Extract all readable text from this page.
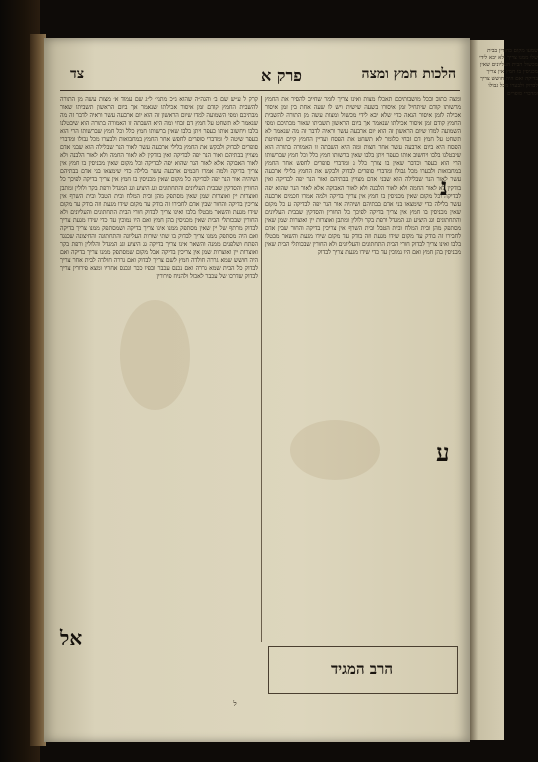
שמעו מקום בחורין בבית שלו ממנו צריך ולא יבא לידי מכשול הבית העליונים שאין מכניסין בו חמץ אין צריך בדיקה ואם היה חושש צריך לבדוק ולבערו מכל גבולו ומדברי סופרים
הלכות חמץ ומצה
פרק א
צד
ומצה כתוב ובכל מושבותיכם תאכלו מצות ואינו צריך לומר שחייב להסיר את החמץ מרשותו קודם שיתחיל זמן איסורו בשעה שישית ויש לו שעה אחת בין זמן איסור אכילה לזמן איסור הנאה כדי שלא יבא לידי מכשול ומצות עשה מן התורה להשבית החמץ קודם זמן איסור אכילתו שנאמר אך ביום הראשון תשביתו שאור מבתיכם ומפי השמועה למדו שיום הראשון זה הוא יום ארבעה עשר וראיה לדבר זה מה שנאמר לא תשחט על חמץ דם זבחי כלומר לא תשחט את הפסח ועדיין החמץ קיים ושחיטת הפסח היא ביום ארבעה עשר אחר חצות ומה היא השבתה זו האמורה בתורה הוא שיבטלנו בלבו ויחשוב אותו כעפר ויתן בלבו שאין ברשותו חמץ כלל וכל חמץ שברשותו הרי הוא כעפר וכדבר שאין בו צורך כלל נ ומדברי סופרים לחפש אחר החמץ במחבואות ולבערו מכל גבולו ומדברי סופרים לבדוק ולבקש את החמץ בלילי ארבעה עשר לאור הנר שבלילה הוא שבני אדם מצויין בבתיהם ואור הנר יפה לבדיקה ואין בודקין לא לאור החמה ולא לאור הלבנה ולא לאור האבוקה אלא לאור הנר שהוא יפה לבדיקה וכל מקום שאין מכניסין בו חמץ אין צריך בדיקה ולמה אמרו חכמים ארבעה עשר בלילה כדי שימצאו בני אדם בבתיהם ושיהיה אור הנר יפה לבדיקה ע כל מקום שאין מכניסין בו חמץ אין צריך בדיקה לפיכך כל החורין והסדקין שבבית העליונים והתחתונים וגג היציע וגג המגדל ורפת בקר ולולין ומתבן ואוצרות יין ואוצרות שמן שאין מסתפק מהן ובית המלח ובית הטבל ובית השרף אין צריכין בדיקה והחור שבין אדם לחבירו זה בודק עד מקום שידו מגעת וזה בודק עד מקום שידו מגעת והשאר מבטלו בלבו ואינו צריך לבדוק חורי הבית התחתונים והעליונים ולא החורין שבכותלי הבית שאין מכניסין בהן חמץ ואם היו נמוכין עד כדי שידו מגעת צריך לבדוק
קרק ל ע״ש שם ב׳ והגה״ה שהוא ג״כ מתני׳ ל״ג שם עמוד א׳ מצות עשה מן התורה להשבית החמץ קודם זמן איסור אכילתו שנאמר אך ביום הראשון תשביתו שאור מבתיכם ומפי השמועה למדו שיום הראשון זה הוא יום ארבעה עשר וראיה לדבר זה מה שנאמר לא תשחט על חמץ דם זבחי ומה היא השבתה זו האמורה בתורה הוא שיבטלנו בלבו ויחשוב אותו כעפר ויתן בלבו שאין ברשותו חמץ כלל וכל חמץ שברשותו הרי הוא כעפר שיטה ל׳ ומדברי סופרים לחפש אחר החמץ במחבואות ולבערו מכל גבולו ומדברי סופרים לבדוק ולבקש את החמץ בלילי ארבעה עשר לאור הנר שבלילה הוא שבני אדם מצויין בבתיהם ואור הנר יפה לבדיקה ואין בודקין לא לאור החמה ולא לאור הלבנה ולא לאור האבוקה אלא לאור הנר שהוא יפה לבדיקה וכל מקום שאין מכניסין בו חמץ אין צריך בדיקה ולמה אמרו חכמים ארבעה עשר בלילה כדי שימצאו בני אדם בבתיהם ושיהיה אור הנר יפה לבדיקה כל מקום שאין מכניסין בו חמץ אין צריך בדיקה לפיכך כל החורין והסדקין שבבית העליונים והתחתונים וגג היציע וגג המגדל ורפת בקר ולולין ומתבן ואוצרות יין ואוצרות שמן שאין מסתפק מהן ובית המלח ובית הטבל ובית השרף אין צריכין בדיקה והחור שבין אדם לחבירו זה בודק עד מקום שידו מגעת וזה בודק עד מקום שידו מגעת והשאר מבטלו בלבו ואינו צריך לבדוק חורי הבית התחתונים והעליונים ולא החורין שבכותלי הבית שאין מכניסין בהן חמץ ואם היו נמוכין עד כדי שידו מגעת צריך לבדוק מרתף של יין שאין מסתפק ממנו אינו צריך בדיקה ושמסתפק ממנו צריך בדיקה ואם היה מסתפק ממנו צריך לבדוק בו שתי שורות העליונה והתחתונה והחיצונה שכנגד הפתח ושלפנים ממנה והשאר אינו צריך בדיקה גג היציע וגג המגדל והלולין ורפת בקר ואוצרות יין ואוצרות שמן אין צריכין בדיקה אבל מקום שמסתפק ממנו צריך בדיקה ואם היה חושש שמא גררה חולדה חמץ לשם צריך לבדוק ואם גררה חולדה לבית אחר צריך לבדוק כל הבית שמא גררה ואם נכנס עכבר ובפיו ככר ונכנס אחריו ומצא פירורין צריך לבדוק שדרכו של עכבר לאכול ולהניח פירורין
נ
ע
אל
הרב המגיד
ל
